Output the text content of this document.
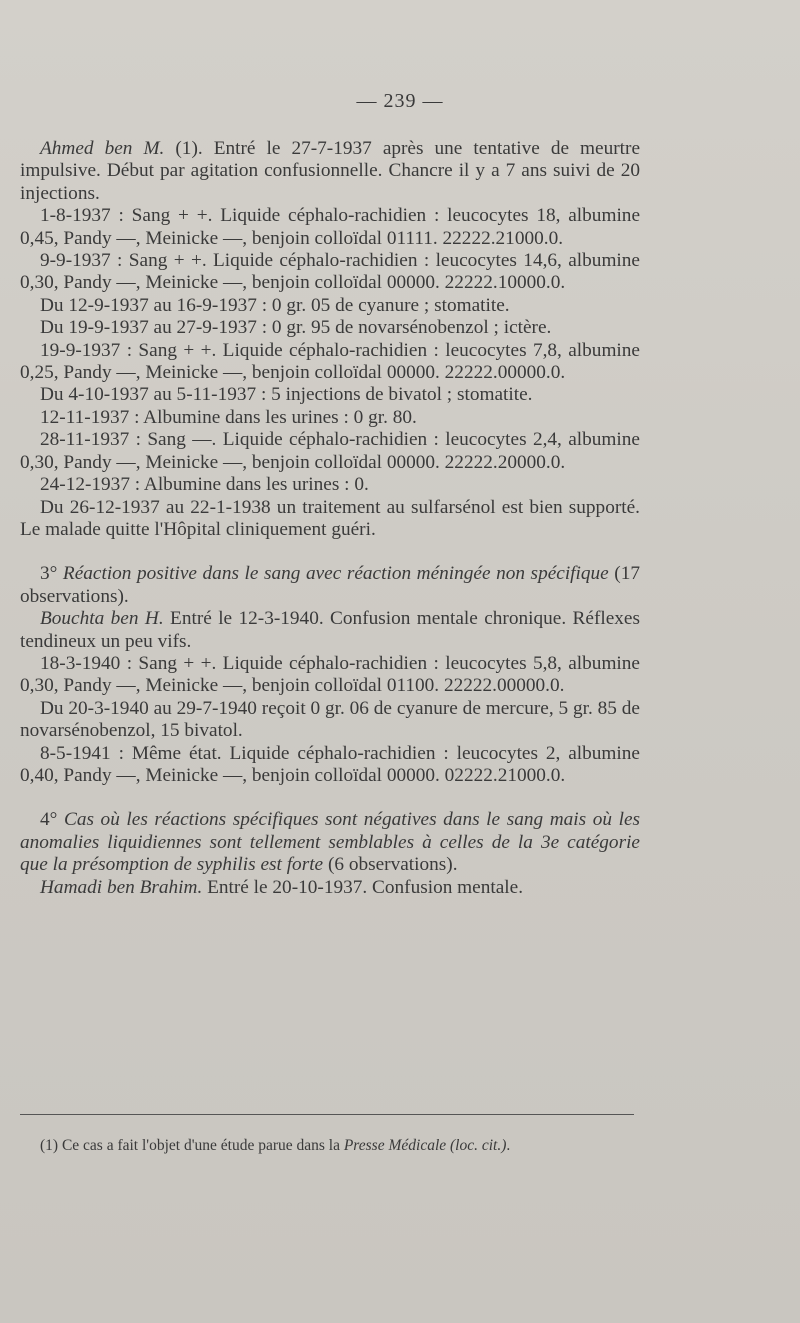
— 239 —

Ahmed ben M. (1). Entré le 27-7-1937 après une tentative de meurtre impulsive. Début par agitation confusionnelle. Chancre il y a 7 ans suivi de 20 injections.

1-8-1937 : Sang + +. Liquide céphalo-rachidien : leucocytes 18, albumine 0,45, Pandy —, Meinicke —, benjoin colloïdal 01111. 22222.21000.0.

9-9-1937 : Sang + +. Liquide céphalo-rachidien : leucocytes 14,6, albumine 0,30, Pandy —, Meinicke —, benjoin colloïdal 00000. 22222.10000.0.

Du 12-9-1937 au 16-9-1937 : 0 gr. 05 de cyanure ; stomatite.

Du 19-9-1937 au 27-9-1937 : 0 gr. 95 de novarsénobenzol ; ictère.

19-9-1937 : Sang + +. Liquide céphalo-rachidien : leucocytes 7,8, albumine 0,25, Pandy —, Meinicke —, benjoin colloïdal 00000. 22222.00000.0.

Du 4-10-1937 au 5-11-1937 : 5 injections de bivatol ; stomatite.

12-11-1937 : Albumine dans les urines : 0 gr. 80.

28-11-1937 : Sang —. Liquide céphalo-rachidien : leucocytes 2,4, albumine 0,30, Pandy —, Meinicke —, benjoin colloïdal 00000. 22222.20000.0.

24-12-1937 : Albumine dans les urines : 0.

Du 26-12-1937 au 22-1-1938 un traitement au sulfarsénol est bien supporté. Le malade quitte l'Hôpital cliniquement guéri.

3° Réaction positive dans le sang avec réaction méningée non spécifique (17 observations).

Bouchta ben H. Entré le 12-3-1940. Confusion mentale chronique. Réflexes tendineux un peu vifs.

18-3-1940 : Sang + +. Liquide céphalo-rachidien : leucocytes 5,8, albumine 0,30, Pandy —, Meinicke —, benjoin colloïdal 01100. 22222.00000.0.

Du 20-3-1940 au 29-7-1940 reçoit 0 gr. 06 de cyanure de mercure, 5 gr. 85 de novarsénobenzol, 15 bivatol.

8-5-1941 : Même état. Liquide céphalo-rachidien : leucocytes 2, albumine 0,40, Pandy —, Meinicke —, benjoin colloïdal 00000. 02222.21000.0.

4° Cas où les réactions spécifiques sont négatives dans le sang mais où les anomalies liquidiennes sont tellement semblables à celles de la 3e catégorie que la présomption de syphilis est forte (6 observations).

Hamadi ben Brahim. Entré le 20-10-1937. Confusion mentale.

(1) Ce cas a fait l'objet d'une étude parue dans la Presse Médicale (loc. cit.).
